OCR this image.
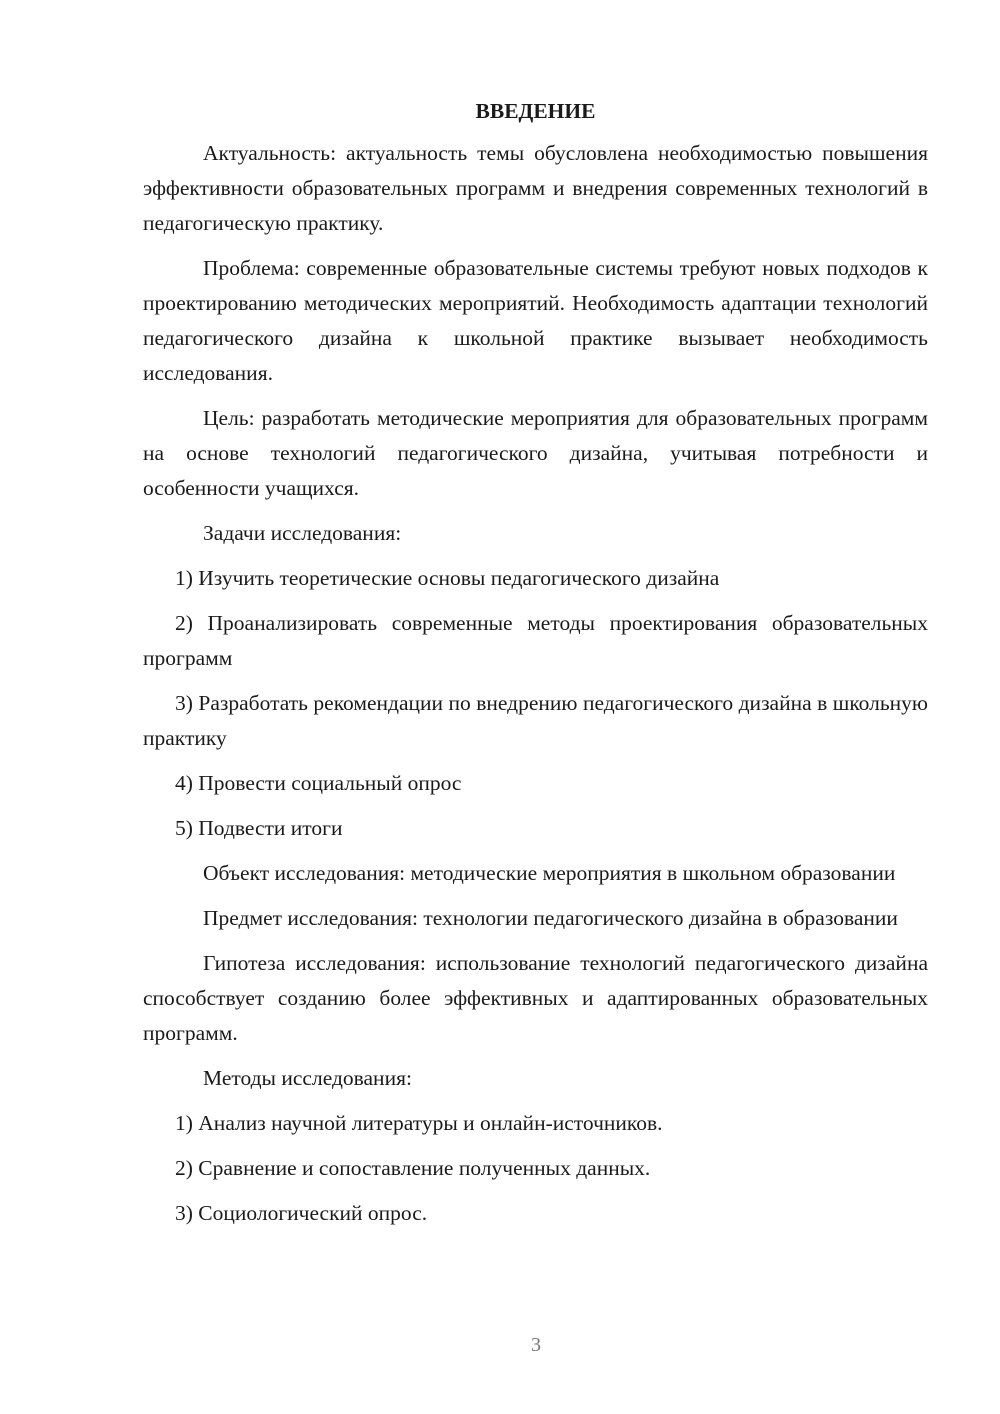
ВВЕДЕНИЕ

Актуальность: актуальность темы обусловлена необходимостью повышения эффективности образовательных программ и внедрения современных технологий в педагогическую практику.

Проблема: современные образовательные системы требуют новых подходов к проектированию методических мероприятий. Необходимость адаптации технологий педагогического дизайна к школьной практике вызывает необходимость исследования.

Цель: разработать методические мероприятия для образовательных программ на основе технологий педагогического дизайна, учитывая потребности и особенности учащихся.

Задачи исследования:

1) Изучить теоретические основы педагогического дизайна

2) Проанализировать современные методы проектирования образовательных программ

3) Разработать рекомендации по внедрению педагогического дизайна в школьную практику

4) Провести социальный опрос

5) Подвести итоги

Объект исследования: методические мероприятия в школьном образовании

Предмет исследования: технологии педагогического дизайна в образовании

Гипотеза исследования: использование технологий педагогического дизайна способствует созданию более эффективных и адаптированных образовательных программ.

Методы исследования:

1) Анализ научной литературы и онлайн-источников.

2) Сравнение и сопоставление полученных данных.

3) Социологический опрос.

3
